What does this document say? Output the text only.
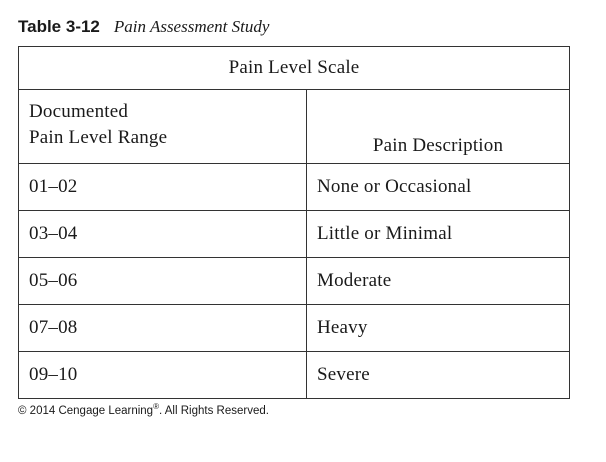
Table 3-12 Pain Assessment Study
Pain Level Scale	
Documented
Pain Level Range	Pain Description
01–02	None or Occasional
03–04	Little or Minimal
05–06	Moderate
07–08	Heavy
09–10	Severe
© 2014 Cengage Learning®. All Rights Reserved.
